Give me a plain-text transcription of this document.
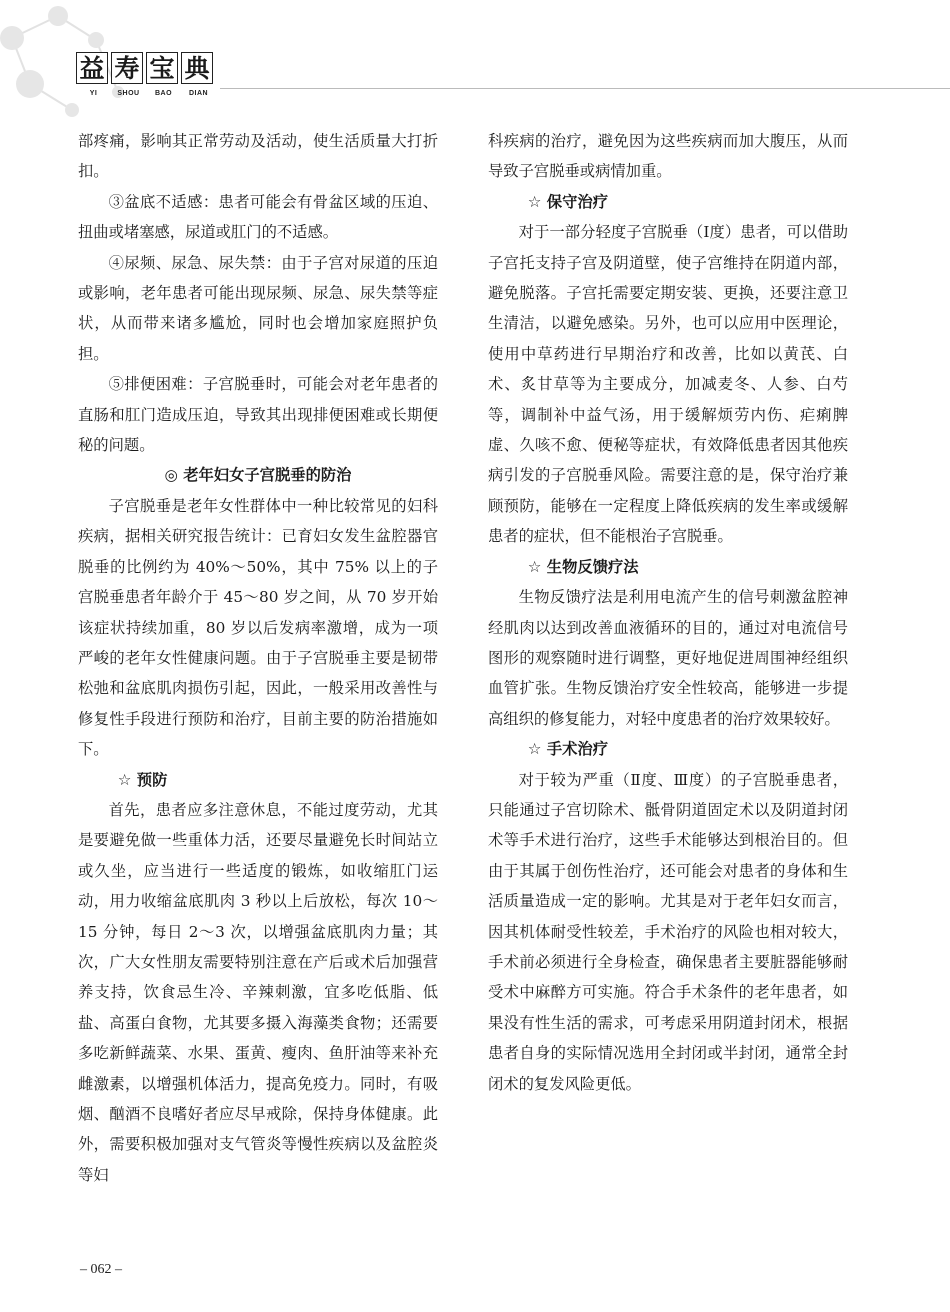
益 寿 宝 典
YI	SHOU	BAO	DIAN

部疼痛，影响其正常劳动及活动，使生活质量大打折扣。

③盆底不适感：患者可能会有骨盆区域的压迫、扭曲或堵塞感，尿道或肛门的不适感。

④尿频、尿急、尿失禁：由于子宫对尿道的压迫或影响，老年患者可能出现尿频、尿急、尿失禁等症状，从而带来诸多尴尬，同时也会增加家庭照护负担。

⑤排便困难：子宫脱垂时，可能会对老年患者的直肠和肛门造成压迫，导致其出现排便困难或长期便秘的问题。

◎ 老年妇女子宫脱垂的防治

子宫脱垂是老年女性群体中一种比较常见的妇科疾病，据相关研究报告统计：已育妇女发生盆腔器官脱垂的比例约为 40%～50%，其中 75% 以上的子宫脱垂患者年龄介于 45～80 岁之间，从 70 岁开始该症状持续加重，80 岁以后发病率激增，成为一项严峻的老年女性健康问题。由于子宫脱垂主要是韧带松弛和盆底肌肉损伤引起，因此，一般采用改善性与修复性手段进行预防和治疗，目前主要的防治措施如下。

☆ 预防

首先，患者应多注意休息，不能过度劳动，尤其是要避免做一些重体力活，还要尽量避免长时间站立或久坐，应当进行一些适度的锻炼，如收缩肛门运动，用力收缩盆底肌肉 3 秒以上后放松，每次 10～15 分钟，每日 2～3 次，以增强盆底肌肉力量；其次，广大女性朋友需要特别注意在产后或术后加强营养支持，饮食忌生冷、辛辣刺激，宜多吃低脂、低盐、高蛋白食物，尤其要多摄入海藻类食物；还需要多吃新鲜蔬菜、水果、蛋黄、瘦肉、鱼肝油等来补充雌激素，以增强机体活力，提高免疫力。同时，有吸烟、酗酒不良嗜好者应尽早戒除，保持身体健康。此外，需要积极加强对支气管炎等慢性疾病以及盆腔炎等妇

科疾病的治疗，避免因为这些疾病而加大腹压，从而导致子宫脱垂或病情加重。

☆ 保守治疗

对于一部分轻度子宫脱垂（Ⅰ度）患者，可以借助子宫托支持子宫及阴道壁，使子宫维持在阴道内部，避免脱落。子宫托需要定期安装、更换，还要注意卫生清洁，以避免感染。另外，也可以应用中医理论，使用中草药进行早期治疗和改善，比如以黄芪、白术、炙甘草等为主要成分，加减麦冬、人参、白芍等，调制补中益气汤，用于缓解烦劳内伤、疟痢脾虚、久咳不愈、便秘等症状，有效降低患者因其他疾病引发的子宫脱垂风险。需要注意的是，保守治疗兼顾预防，能够在一定程度上降低疾病的发生率或缓解患者的症状，但不能根治子宫脱垂。

☆ 生物反馈疗法

生物反馈疗法是利用电流产生的信号刺激盆腔神经肌肉以达到改善血液循环的目的，通过对电流信号图形的观察随时进行调整，更好地促进周围神经组织血管扩张。生物反馈治疗安全性较高，能够进一步提高组织的修复能力，对轻中度患者的治疗效果较好。

☆ 手术治疗

对于较为严重（Ⅱ度、Ⅲ度）的子宫脱垂患者，只能通过子宫切除术、骶骨阴道固定术以及阴道封闭术等手术进行治疗，这些手术能够达到根治目的。但由于其属于创伤性治疗，还可能会对患者的身体和生活质量造成一定的影响。尤其是对于老年妇女而言，因其机体耐受性较差，手术治疗的风险也相对较大，手术前必须进行全身检查，确保患者主要脏器能够耐受术中麻醉方可实施。符合手术条件的老年患者，如果没有性生活的需求，可考虑采用阴道封闭术，根据患者自身的实际情况选用全封闭或半封闭，通常全封闭术的复发风险更低。

– 062 –
